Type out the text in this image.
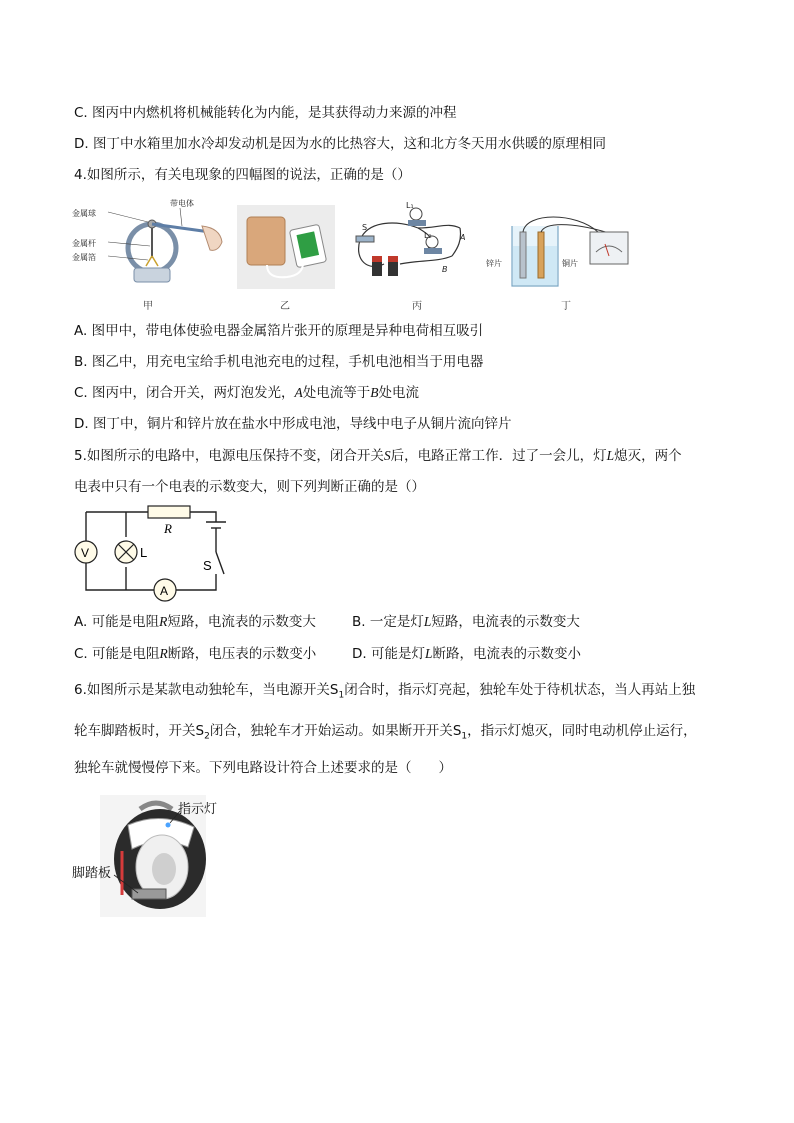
C. 图丙中内燃机将机械能转化为内能，是其获得动力来源的冲程
D. 图丁中水箱里加水冷却发动机是因为水的比热容大，这和北方冬天用水供暖的原理相同
4.如图所示，有关电现象的四幅图的说法，正确的是（）
金属球
金属杆
金属箔
带电体
S
L₁
L₂	A
B
锌片	铜片
甲	乙	丙	丁
A. 图甲中，带电体使验电器金属箔片张开的原理是异种电荷相互吸引
B. 图乙中，用充电宝给手机电池充电的过程，手机电池相当于用电器
C. 图丙中，闭合开关，两灯泡发光，A处电流等于B处电流
D. 图丁中，铜片和锌片放在盐水中形成电池，导线中电子从铜片流向锌片
5.如图所示的电路中，电源电压保持不变，闭合开关S后，电路正常工作．过了一会儿，灯L熄灭，两个
电表中只有一个电表的示数变大，则下列判断正确的是（）
R
V	L
A
S
A. 可能是电阻R短路，电流表的示数变大	B. 一定是灯L短路，电流表的示数变大
C. 可能是电阻R断路，电压表的示数变小	D. 可能是灯L断路，电流表的示数变小
6.如图所示是某款电动独轮车，当电源开关$S_1$闭合时，指示灯亮起，独轮车处于待机状态，当人再站上独
轮车脚踏板时，开关$S_2$闭合，独轮车才开始运动。如果断开开关$S_1$，指示灯熄灭，同时电动机停止运行，
独轮车就慢慢停下来。下列电路设计符合上述要求的是（　　）
指示灯
脚踏板
